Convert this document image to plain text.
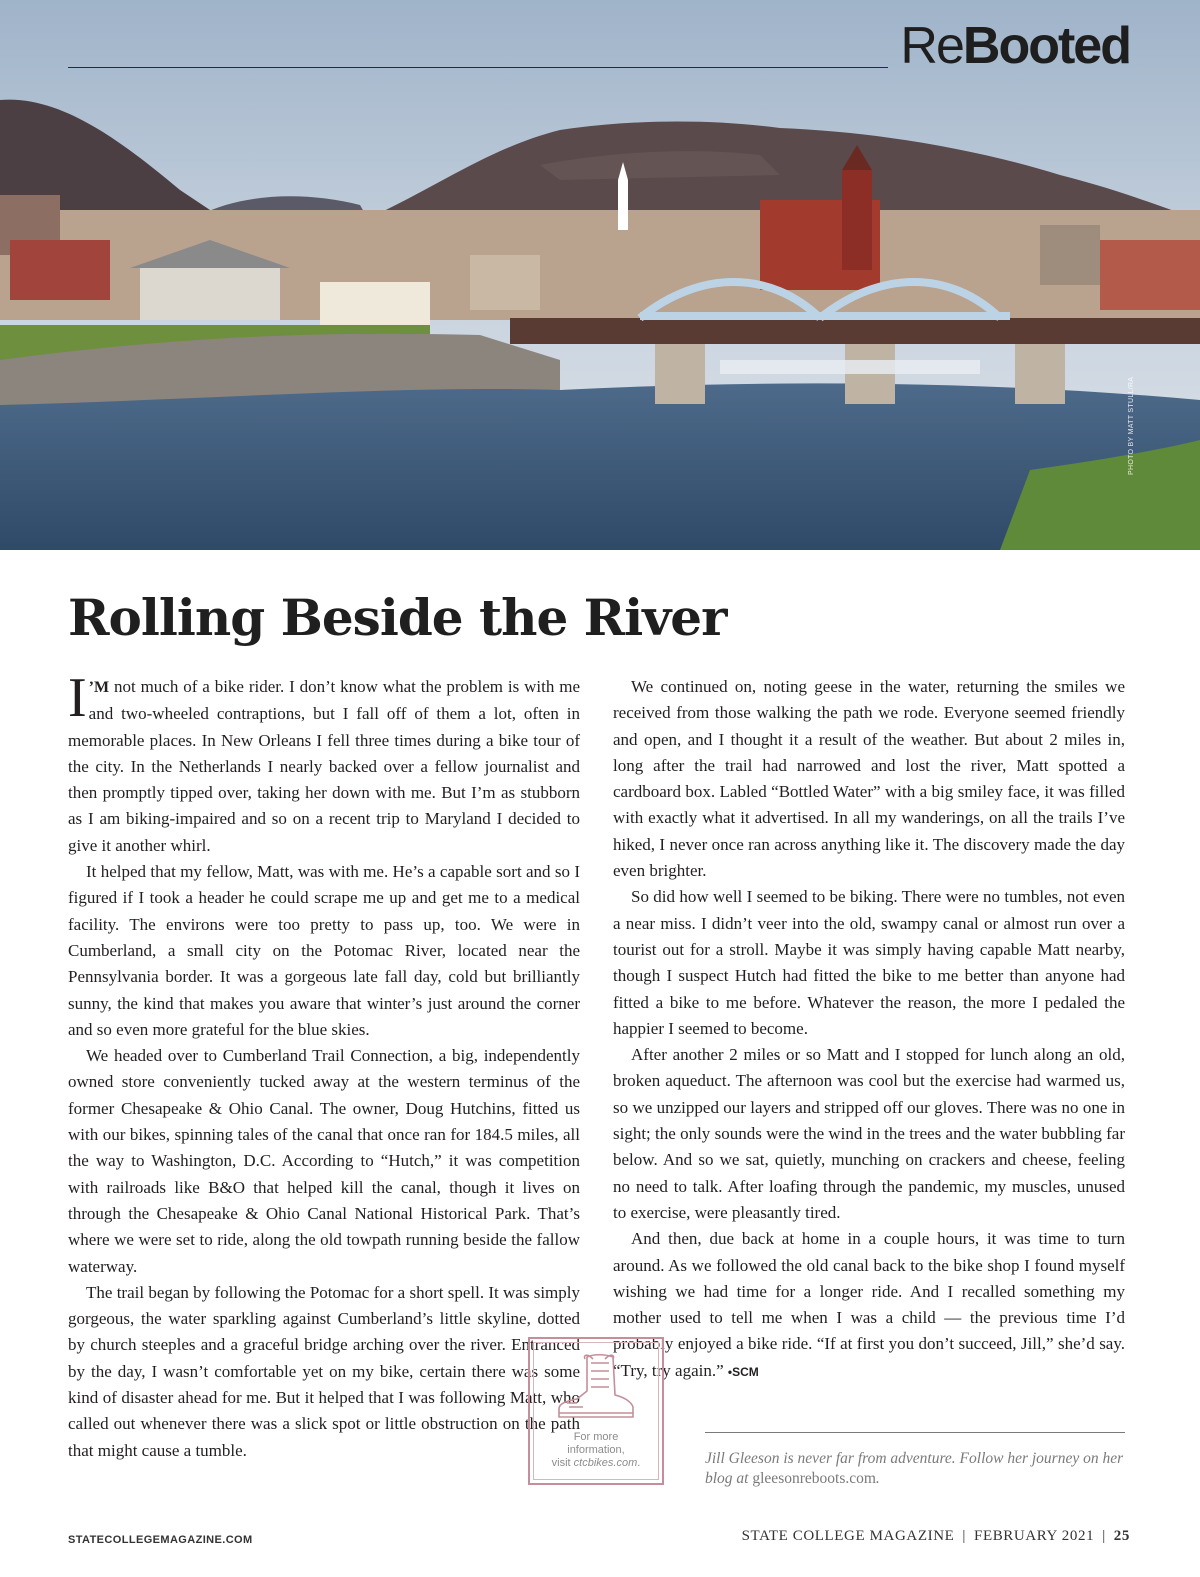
ReBooted
PHOTO BY MATT STULL/RA
Rolling Beside the River

I ’M not much of a bike rider. I don’t know what the problem is with me and two-wheeled contraptions, but I fall off of them a lot, often in memorable places. In New Orleans I fell three times during a bike tour of the city. In the Netherlands I nearly backed over a fellow journalist and then promptly tipped over, taking her down with me. But I’m as stubborn as I am biking-impaired and so on a recent trip to Maryland I decided to give it another whirl.

It helped that my fellow, Matt, was with me. He’s a capable sort and so I figured if I took a header he could scrape me up and get me to a medical facility. The environs were too pretty to pass up, too. We were in Cumberland, a small city on the Potomac River, located near the Pennsylvania border. It was a gorgeous late fall day, cold but brilliantly sunny, the kind that makes you aware that winter’s just around the corner and so even more grateful for the blue skies.

We headed over to Cumberland Trail Connection, a big, independently owned store conveniently tucked away at the western terminus of the former Chesapeake & Ohio Canal. The owner, Doug Hutchins, fitted us with our bikes, spinning tales of the canal that once ran for 184.5 miles, all the way to Washington, D.C. According to “Hutch,” it was competition with railroads like B&O that helped kill the canal, though it lives on through the Chesapeake & Ohio Canal National Historical Park. That’s where we were set to ride, along the old towpath running beside the fallow waterway.

The trail began by following the Potomac for a short spell. It was simply gorgeous, the water sparkling against Cumberland’s little skyline, dotted by church steeples and a graceful bridge arching over the river. Entranced by the day, I wasn’t comfortable yet on my bike, certain there was some kind of disaster ahead for me. But it helped that I was following Matt, who called out whenever there was a slick spot or little obstruction on the path that might cause a tumble.

We continued on, noting geese in the water, returning the smiles we received from those walking the path we rode. Everyone seemed friendly and open, and I thought it a result of the weather. But about 2 miles in, long after the trail had narrowed and lost the river, Matt spotted a cardboard box. Labled “Bottled Water” with a big smiley face, it was filled with exactly what it advertised. In all my wanderings, on all the trails I’ve hiked, I never once ran across anything like it. The discovery made the day even brighter.

So did how well I seemed to be biking. There were no tumbles, not even a near miss. I didn’t veer into the old, swampy canal or almost run over a tourist out for a stroll. Maybe it was simply having capable Matt nearby, though I suspect Hutch had fitted the bike to me better than anyone had fitted a bike to me before. Whatever the reason, the more I pedaled the happier I seemed to become.

After another 2 miles or so Matt and I stopped for lunch along an old, broken aqueduct. The afternoon was cool but the exercise had warmed us, so we unzipped our layers and stripped off our gloves. There was no one in sight; the only sounds were the wind in the trees and the water bubbling far below. And so we sat, quietly, munching on crackers and cheese, feeling no need to talk. After loafing through the pandemic, my muscles, unused to exercise, were pleasantly tired.

And then, due back at home in a couple hours, it was time to turn around. As we followed the old canal back to the bike shop I found myself wishing we had time for a longer ride. And I recalled something my mother used to tell me when I was a child — the previous time I’d probably enjoyed a bike ride. “If at first you don’t succeed, Jill,” she’d say. “Try, try again.” •SCM

For more
information,
visit ctcbikes.com.	Jill Gleeson is never far from adventure. Follow her journey on her blog at gleesonreboots.com.
STATECOLLEGEMAGAZINE.COM	STATE COLLEGE MAGAZINE | FEBRUARY 2021 | 25
